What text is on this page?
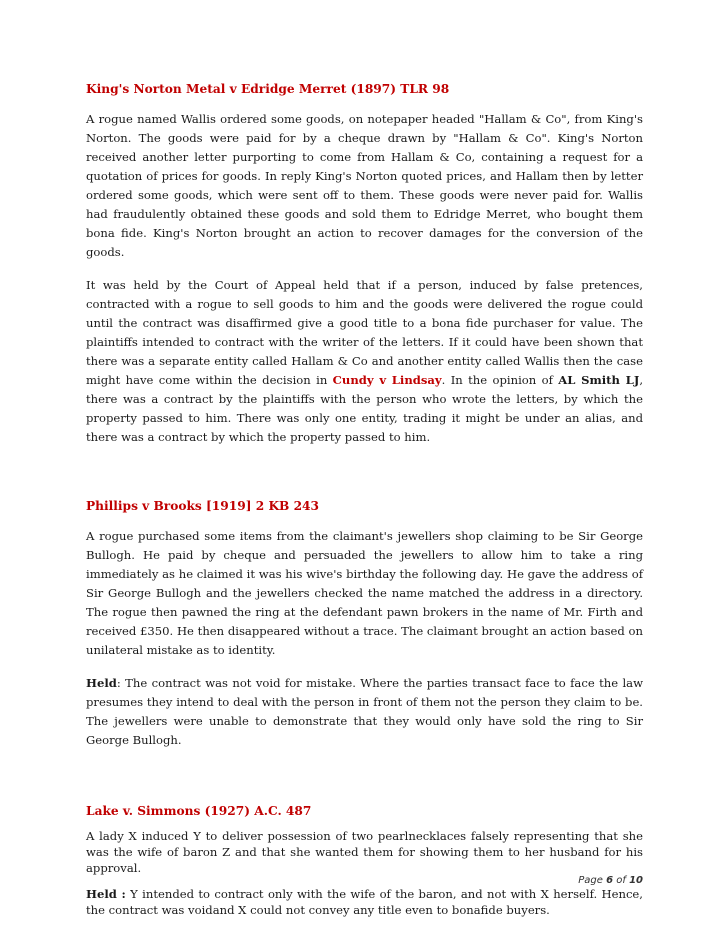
King's Norton Metal v Edridge Merret (1897) TLR 98

A rogue named Wallis ordered some goods, on notepaper headed "Hallam & Co", from King's Norton. The goods were paid for by a cheque drawn by "Hallam & Co". King's Norton received another letter purporting to come from Hallam & Co, containing a request for a quotation of prices for goods. In reply King's Norton quoted prices, and Hallam then by letter ordered some goods, which were sent off to them. These goods were never paid for. Wallis had fraudulently obtained these goods and sold them to Edridge Merret, who bought them bona fide. King's Norton brought an action to recover damages for the conversion of the goods.

It was held by the Court of Appeal held that if a person, induced by false pretences, contracted with a rogue to sell goods to him and the goods were delivered the rogue could until the contract was disaffirmed give a good title to a bona fide purchaser for value. The plaintiffs intended to contract with the writer of the letters. If it could have been shown that there was a separate entity called Hallam & Co and another entity called Wallis then the case might have come within the decision in Cundy v Lindsay. In the opinion of AL Smith LJ, there was a contract by the plaintiffs with the person who wrote the letters, by which the property passed to him. There was only one entity, trading it might be under an alias, and there was a contract by which the property passed to him.

Phillips v Brooks [1919] 2 KB 243

A rogue purchased some items from the claimant's jewellers shop claiming to be Sir George Bullogh. He paid by cheque and persuaded the jewellers to allow him to take a ring immediately as he claimed it was his wive's birthday the following day. He gave the address of Sir George Bullogh and the jewellers checked the name matched the address in a directory. The rogue then pawned the ring at the defendant pawn brokers in the name of Mr. Firth and received £350. He then disappeared without a trace. The claimant brought an action based on unilateral mistake as to identity.

Held: The contract was not void for mistake. Where the parties transact face to face the law presumes they intend to deal with the person in front of them not the person they claim to be. The jewellers were unable to demonstrate that they would only have sold the ring to Sir George Bullogh.

Lake v. Simmons (1927) A.C. 487

A lady X induced Y to deliver possession of two pearlnecklaces falsely representing that she was the wife of baron Z and that she wanted them for showing them to her husband for his approval.

Held : Y intended to contract only with the wife of the baron, and not with X herself. Hence, the contract was voidand X could not convey any title even to bonafide buyers.

Page 6 of 10
